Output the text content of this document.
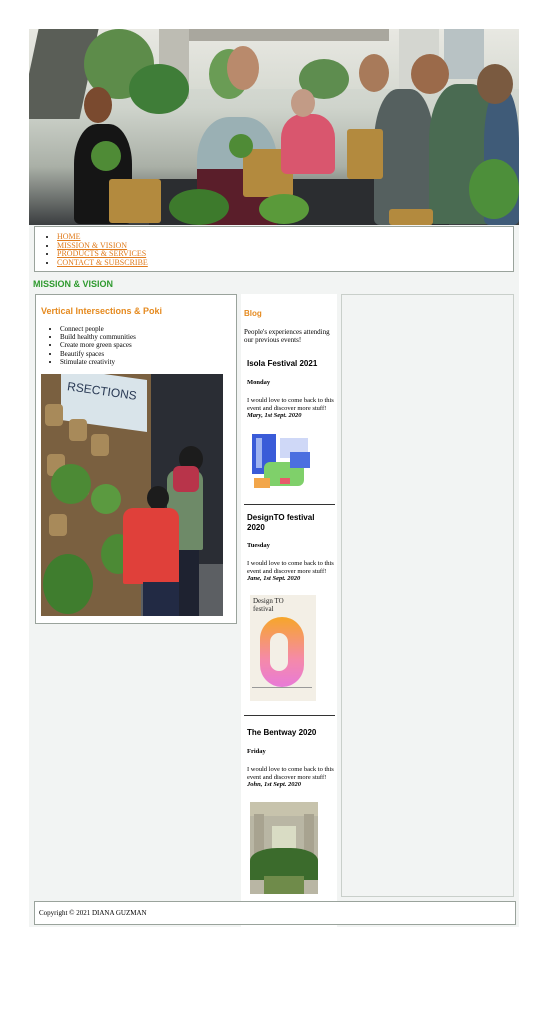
• HOME
• MISSION & VISION
• PRODUCTS & SERVICES
• CONTACT & SUBSCRIBE
MISSION & VISION
Vertical Intersections & Poki
• Connect people
• Build healthy communities
• Create more green spaces
• Beautify spaces
• Stimulate creativity
RSECTIONS
Blog
People's experiences attending our previous events!
Isola Festival 2021
Monday
I would love to come back to this event and discover more stuff! Mary, 1st Sept. 2020
DesignTO festival 2020
Tuesday
I would love to come back to this event and discover more stuff! Jane, 1st Sept. 2020
Design TO festival
The Bentway 2020
Friday
I would love to come back to this event and discover more stuff! John, 1st Sept. 2020
Copyright © 2021 DIANA GUZMAN
